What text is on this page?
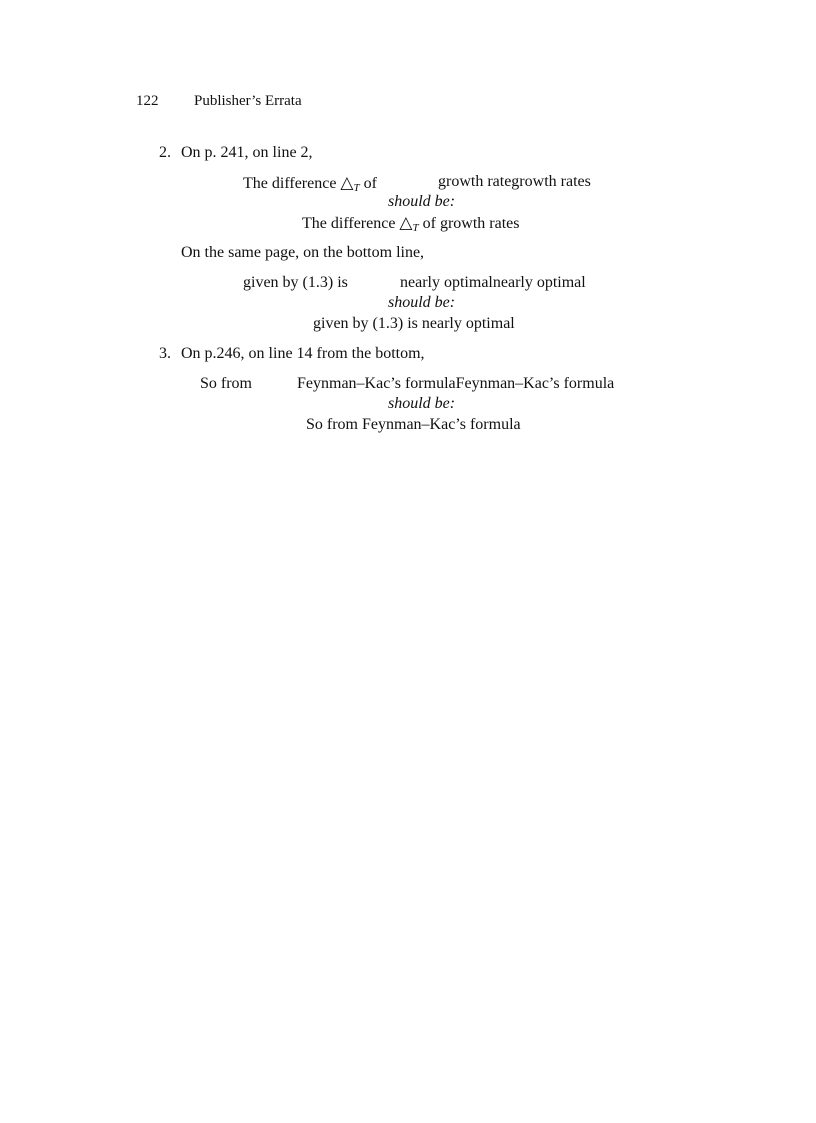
122 Publisher’s Errata
2. On p. 241, on line 2,
The difference △T of	growth rategrowth rates
should be:
The difference △T of growth rates
On the same page, on the bottom line,
given by (1.3) is	nearly optimalnearly optimal
should be:
given by (1.3) is nearly optimal
3. On p.246, on line 14 from the bottom,
So from	Feynman–Kac’s formulaFeynman–Kac’s formula
should be:
So from Feynman–Kac’s formula
